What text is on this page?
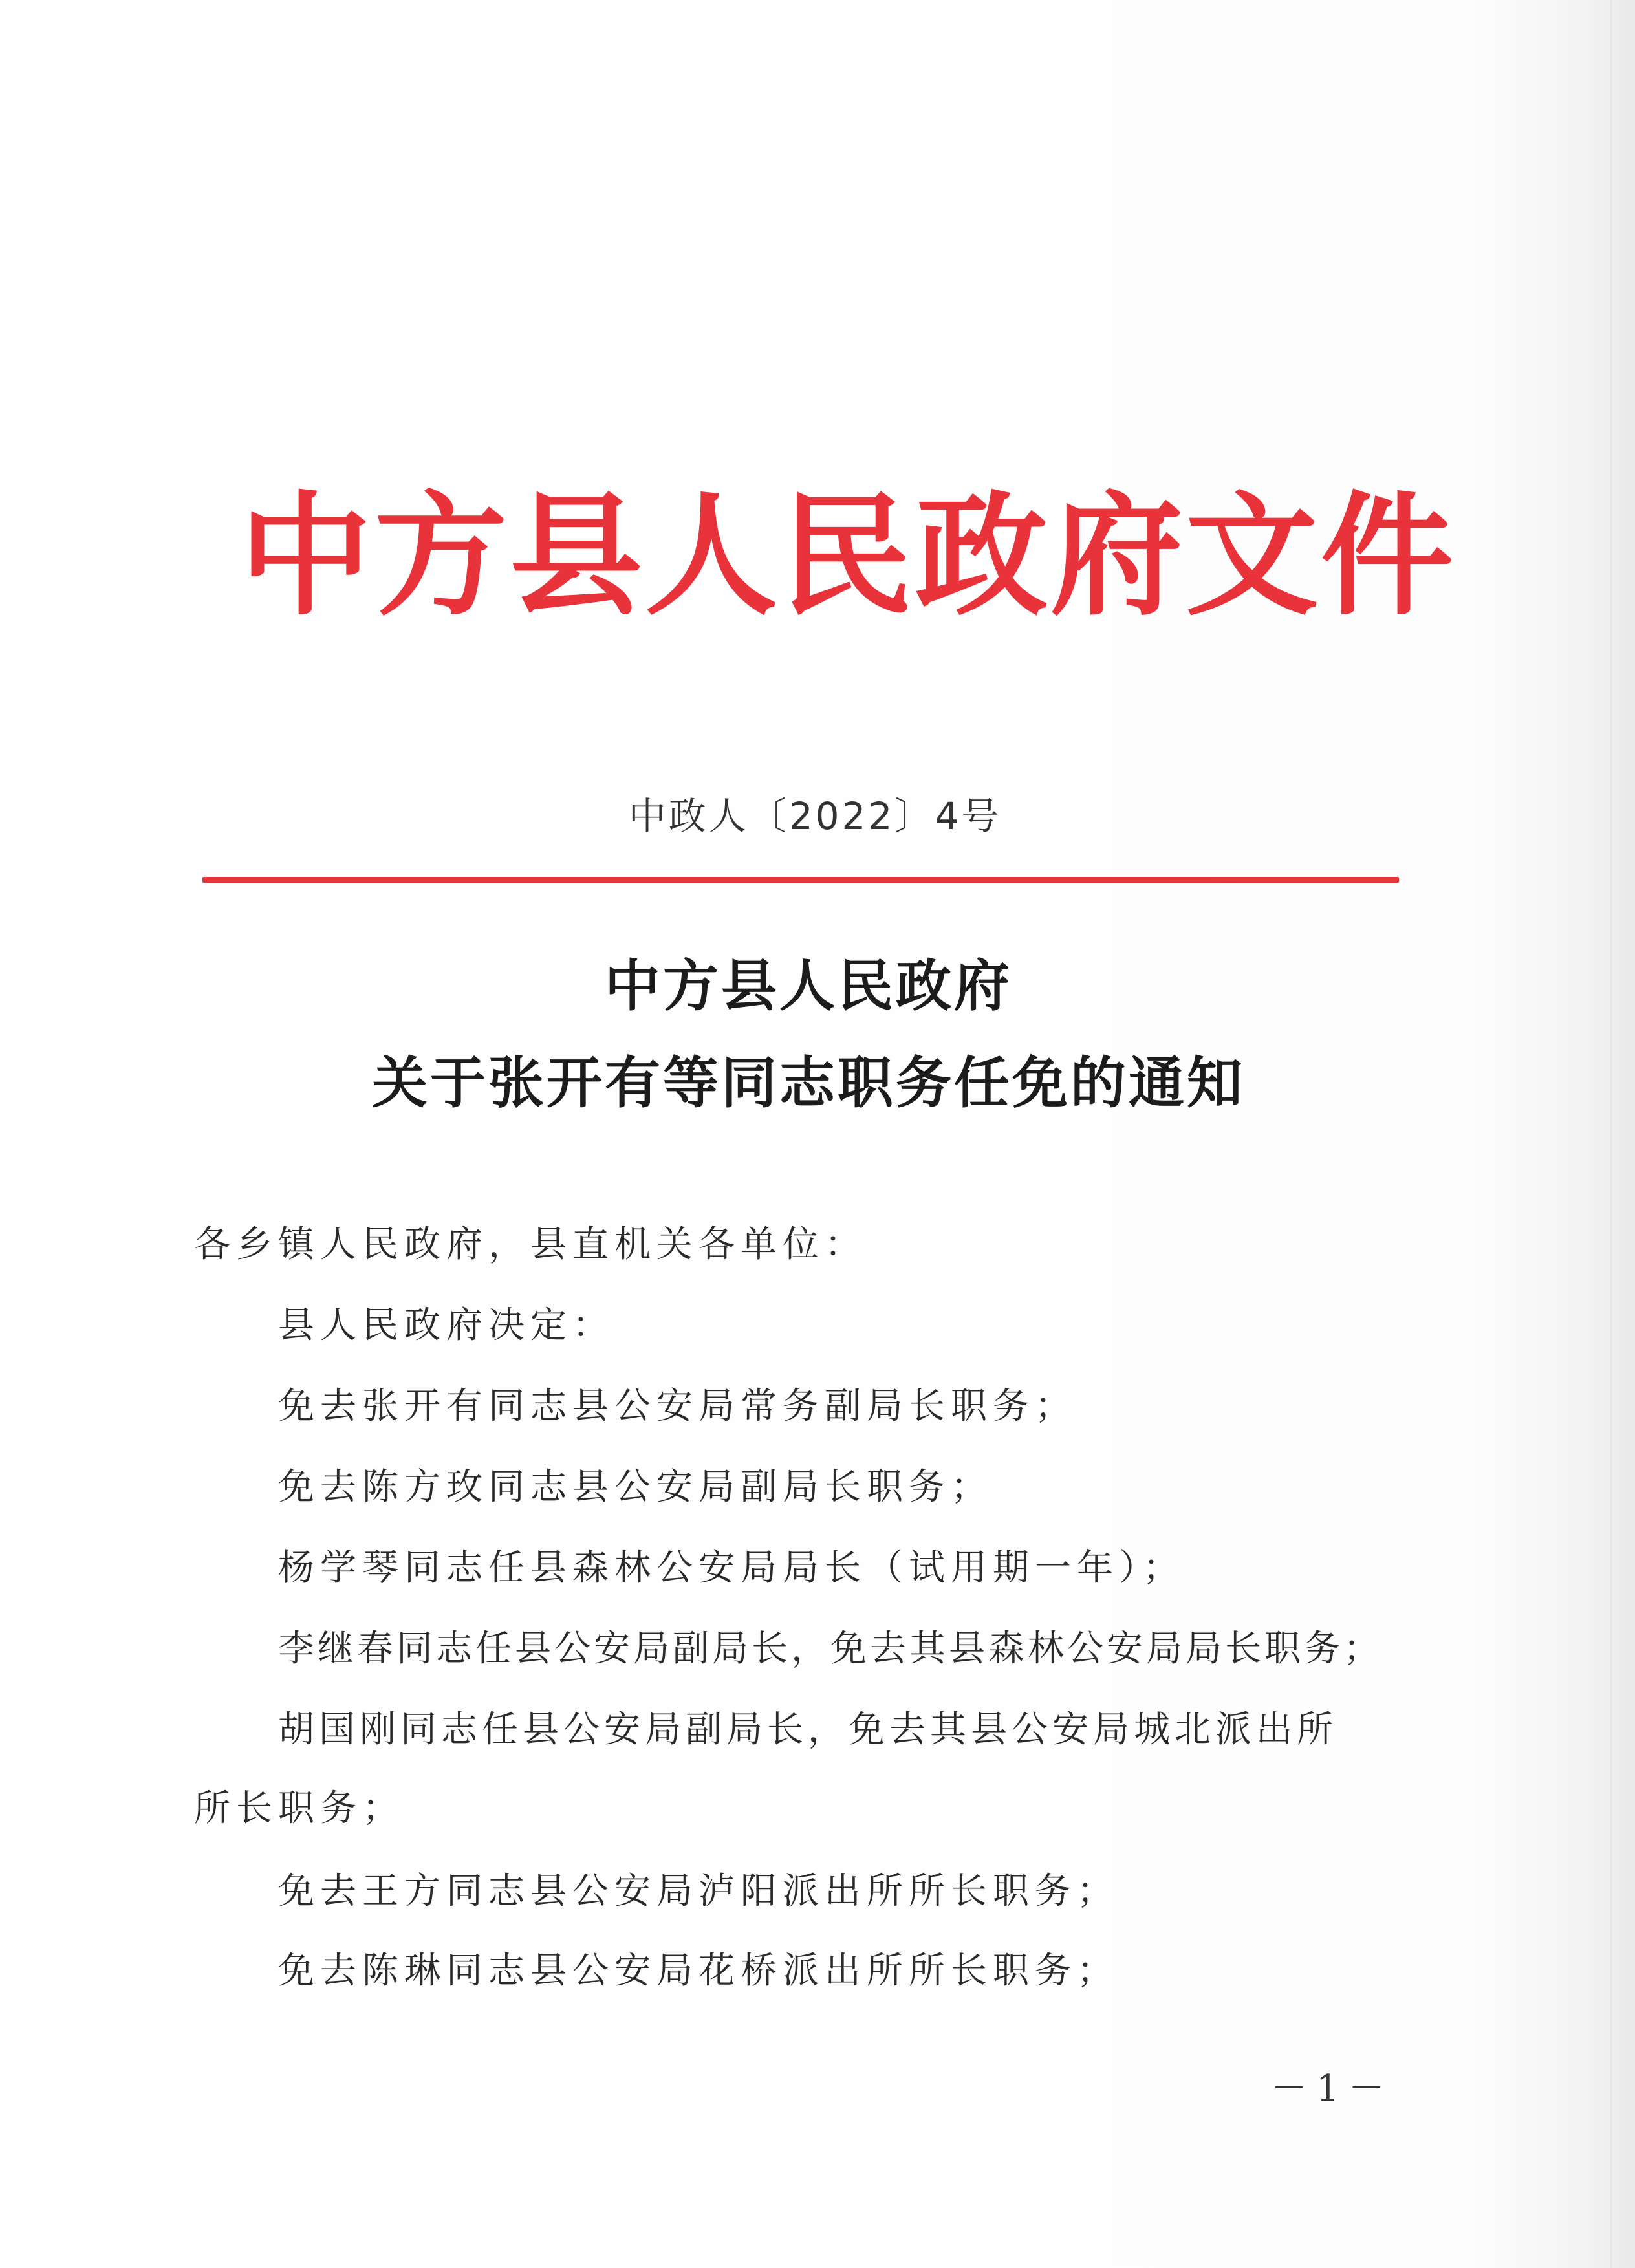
中方县人民政府文件
中政人〔2022〕4号
中方县人民政府
关于张开有等同志职务任免的通知
各乡镇人民政府，县直机关各单位：
县人民政府决定：
免去张开有同志县公安局常务副局长职务；
免去陈方玫同志县公安局副局长职务；
杨学琴同志任县森林公安局局长（试用期一年）；
李继春同志任县公安局副局长，免去其县森林公安局局长职务；
胡国刚同志任县公安局副局长，免去其县公安局城北派出所
所长职务；
免去王方同志县公安局泸阳派出所所长职务；
免去陈琳同志县公安局花桥派出所所长职务；
－1－
